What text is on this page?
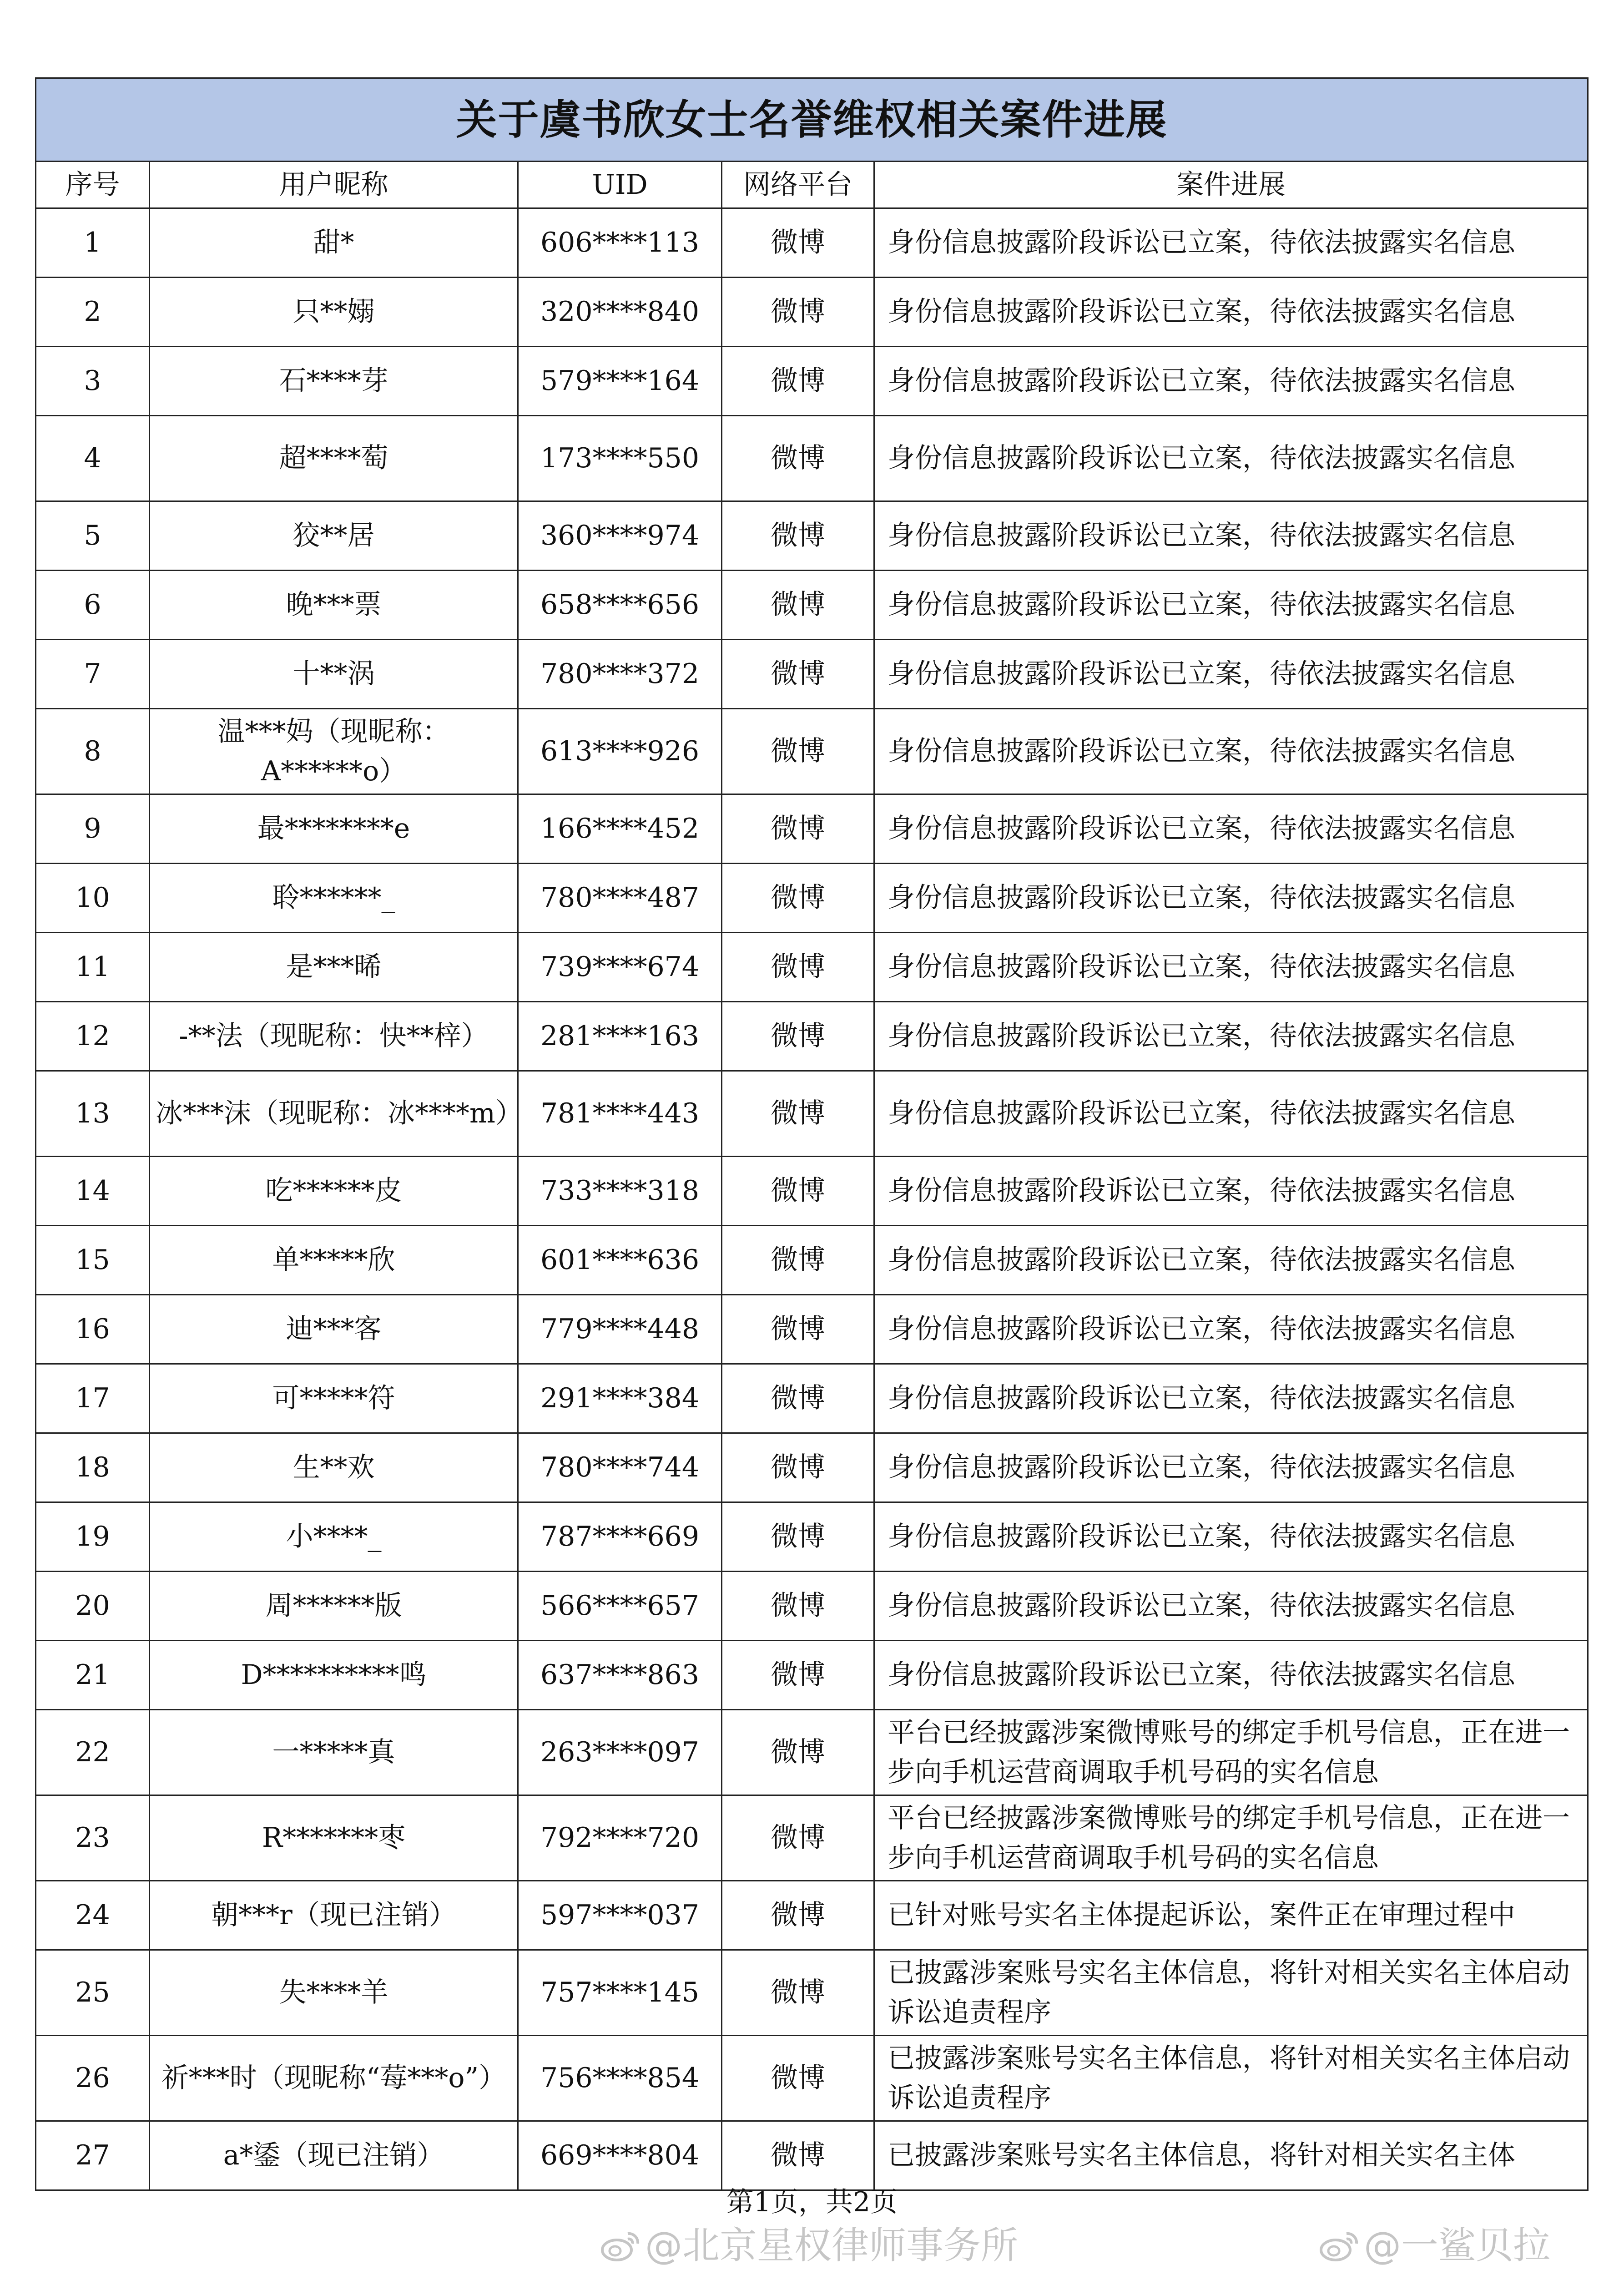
关于虞书欣女士名誉维权相关案件进展				
序号	用户昵称	UID	网络平台	案件进展
1	甜*	606****113	微博	身份信息披露阶段诉讼已立案，待依法披露实名信息
2	只**嫋	320****840	微博	身份信息披露阶段诉讼已立案，待依法披露实名信息
3	石****芽	579****164	微博	身份信息披露阶段诉讼已立案，待依法披露实名信息
4	超****萄	173****550	微博	身份信息披露阶段诉讼已立案，待依法披露实名信息
5	狡**居	360****974	微博	身份信息披露阶段诉讼已立案，待依法披露实名信息
6	晚***票	658****656	微博	身份信息披露阶段诉讼已立案，待依法披露实名信息
7	十**涡	780****372	微博	身份信息披露阶段诉讼已立案，待依法披露实名信息
8	温***妈（现昵称：A******o）	613****926	微博	身份信息披露阶段诉讼已立案，待依法披露实名信息
9	最********e	166****452	微博	身份信息披露阶段诉讼已立案，待依法披露实名信息
10	聆******_	780****487	微博	身份信息披露阶段诉讼已立案，待依法披露实名信息
11	是***晞	739****674	微博	身份信息披露阶段诉讼已立案，待依法披露实名信息
12	-**法（现昵称：快**梓）	281****163	微博	身份信息披露阶段诉讼已立案，待依法披露实名信息
13	冰***沫（现昵称：冰****m）	781****443	微博	身份信息披露阶段诉讼已立案，待依法披露实名信息
14	吃******皮	733****318	微博	身份信息披露阶段诉讼已立案，待依法披露实名信息
15	单*****欣	601****636	微博	身份信息披露阶段诉讼已立案，待依法披露实名信息
16	迪***客	779****448	微博	身份信息披露阶段诉讼已立案，待依法披露实名信息
17	可*****符	291****384	微博	身份信息披露阶段诉讼已立案，待依法披露实名信息
18	生**欢	780****744	微博	身份信息披露阶段诉讼已立案，待依法披露实名信息
19	小****_	787****669	微博	身份信息披露阶段诉讼已立案，待依法披露实名信息
20	周******版	566****657	微博	身份信息披露阶段诉讼已立案，待依法披露实名信息
21	D**********鸣	637****863	微博	身份信息披露阶段诉讼已立案，待依法披露实名信息
22	一*****真	263****097	微博	平台已经披露涉案微博账号的绑定手机号信息，正在进一步向手机运营商调取手机号码的实名信息
23	R*******枣	792****720	微博	平台已经披露涉案微博账号的绑定手机号信息，正在进一步向手机运营商调取手机号码的实名信息
24	朝***r（现已注销）	597****037	微博	已针对账号实名主体提起诉讼，案件正在审理过程中
25	失****羊	757****145	微博	已披露涉案账号实名主体信息，将针对相关实名主体启动诉讼追责程序
26	祈***时（现昵称“莓***o”）	756****854	微博	已披露涉案账号实名主体信息，将针对相关实名主体启动诉讼追责程序
27	a*鋈（现已注销）	669****804	微博	已披露涉案账号实名主体信息，将针对相关实名主体
第1页，共2页
@北京星权律师事务所	@一鲨贝拉
